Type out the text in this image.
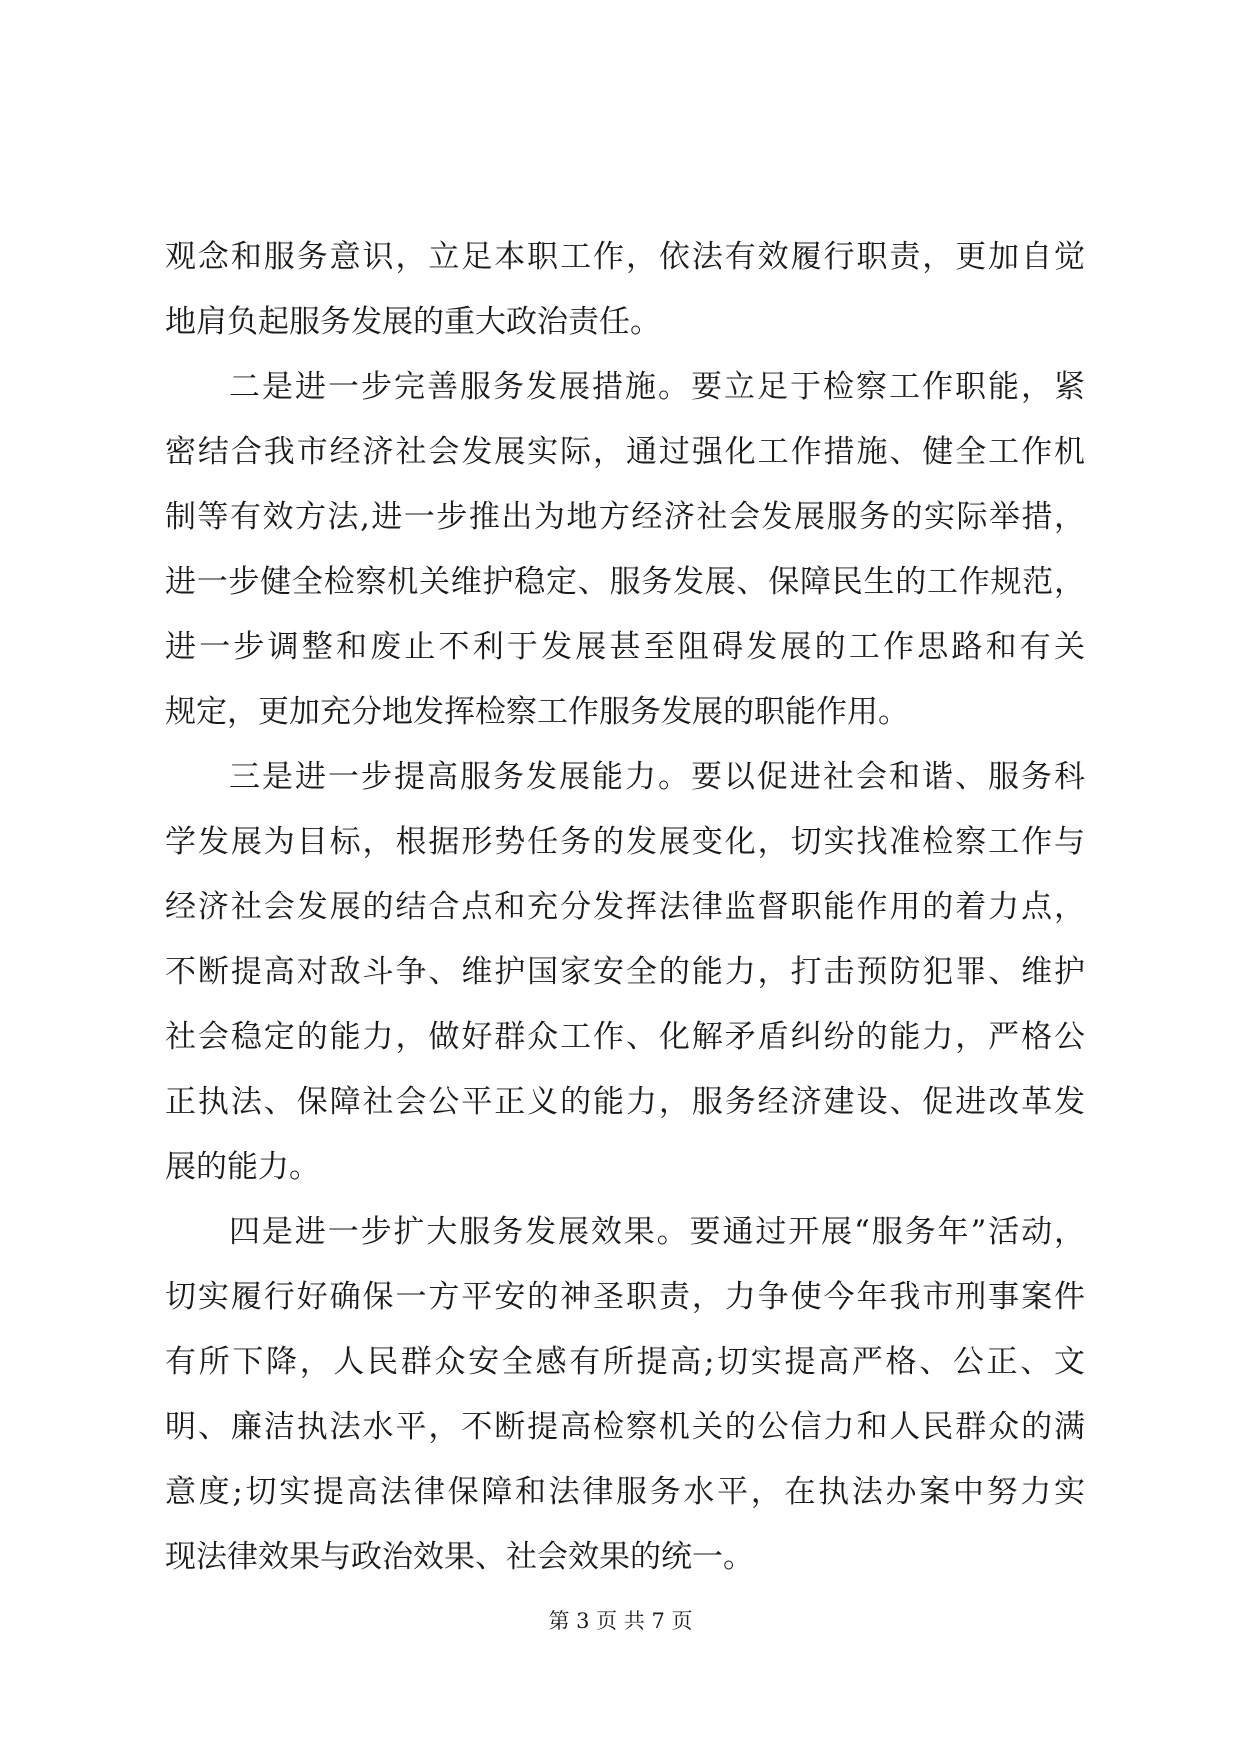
观念和服务意识，立足本职工作，依法有效履行职责，更加自觉
地肩负起服务发展的重大政治责任。
二是进一步完善服务发展措施。要立足于检察工作职能，紧
密结合我市经济社会发展实际，通过强化工作措施、健全工作机
制等有效方法,进一步推出为地方经济社会发展服务的实际举措，
进一步健全检察机关维护稳定、服务发展、保障民生的工作规范，
进一步调整和废止不利于发展甚至阻碍发展的工作思路和有关
规定，更加充分地发挥检察工作服务发展的职能作用。
三是进一步提高服务发展能力。要以促进社会和谐、服务科
学发展为目标，根据形势任务的发展变化，切实找准检察工作与
经济社会发展的结合点和充分发挥法律监督职能作用的着力点，
不断提高对敌斗争、维护国家安全的能力，打击预防犯罪、维护
社会稳定的能力，做好群众工作、化解矛盾纠纷的能力，严格公
正执法、保障社会公平正义的能力，服务经济建设、促进改革发
展的能力。
四是进一步扩大服务发展效果。要通过开展“服务年”活动，
切实履行好确保一方平安的神圣职责，力争使今年我市刑事案件
有所下降，人民群众安全感有所提高;切实提高严格、公正、文
明、廉洁执法水平，不断提高检察机关的公信力和人民群众的满
意度;切实提高法律保障和法律服务水平，在执法办案中努力实
现法律效果与政治效果、社会效果的统一。
第 3 页 共 7 页
